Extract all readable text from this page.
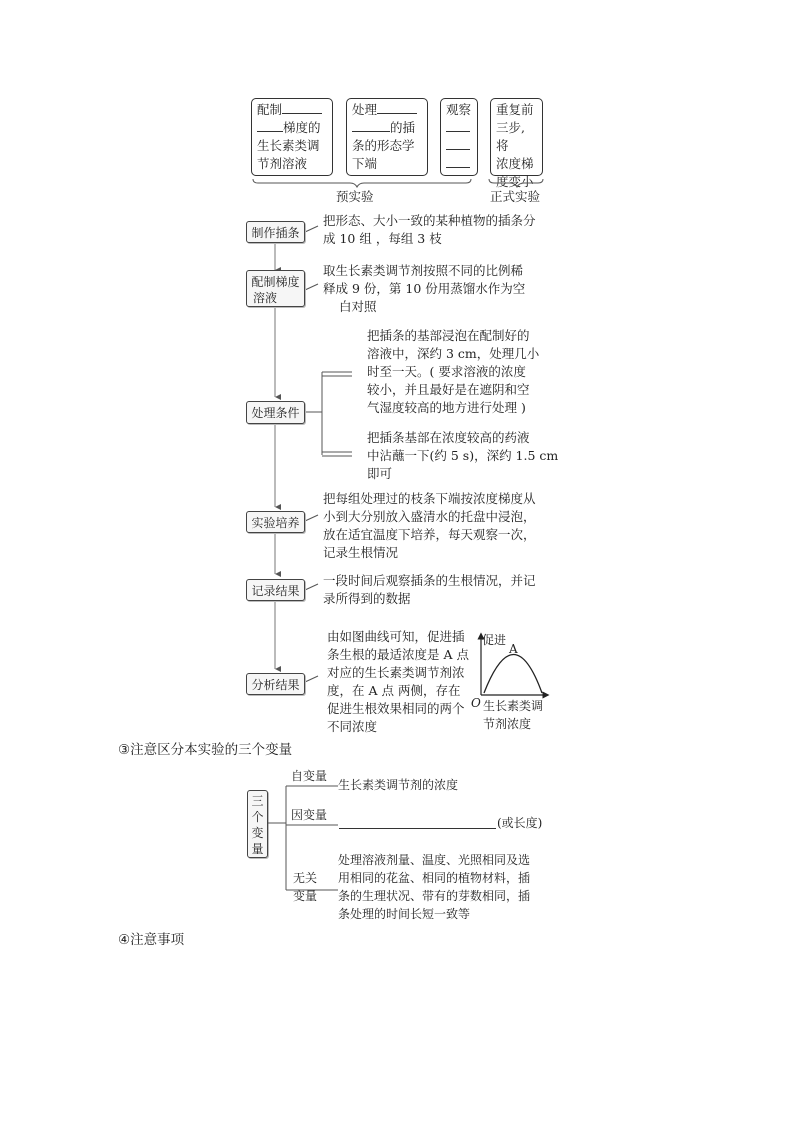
配制
梯度的
生长素类调
节剂溶液
处理
的插
条的形态学
下端
观察 重复前
三步,将
浓度梯
度变小
预实验	正式实验
制作插条
把形态、大小一致的某种植物的插条分
成 10 组 ，每组 3 枝
配制梯度
溶液
取生长素类调节剂按照不同的比例稀
释成 9 份，第 10 份用蒸馏水作为空
白对照
处理条件
把插条的基部浸泡在配制好的
溶液中，深约 3 cm，处理几小
时至一天。( 要求溶液的浓度
较小，并且最好是在遮阴和空
气湿度较高的地方进行处理 )
把插条基部在浓度较高的药液
中沾蘸一下(约 5 s)，深约 1.5 cm
即可
实验培养
把每组处理过的枝条下端按浓度梯度从
小到大分别放入盛清水的托盘中浸泡，
放在适宜温度下培养，每天观察一次，
记录生根情况
记录结果
一段时间后观察插条的生根情况，并记
录所得到的数据
分析结果
由如图曲线可知，促进插
条生根的最适浓度是 A 点
对应的生长素类调节剂浓
度，在 A 点 两侧，存在
促进生根效果相同的两个
不同浓度
促进
A
O 生长素类调
节剂浓度
③注意区分本实验的三个变量
三
个
变
量
自变量
生长素类调节剂的浓度
因变量
(或长度)
无关
变量
处理溶液剂量、温度、光照相同及选
用相同的花盆、相同的植物材料，插
条的生理状况、带有的芽数相同，插
条处理的时间长短一致等
④注意事项
